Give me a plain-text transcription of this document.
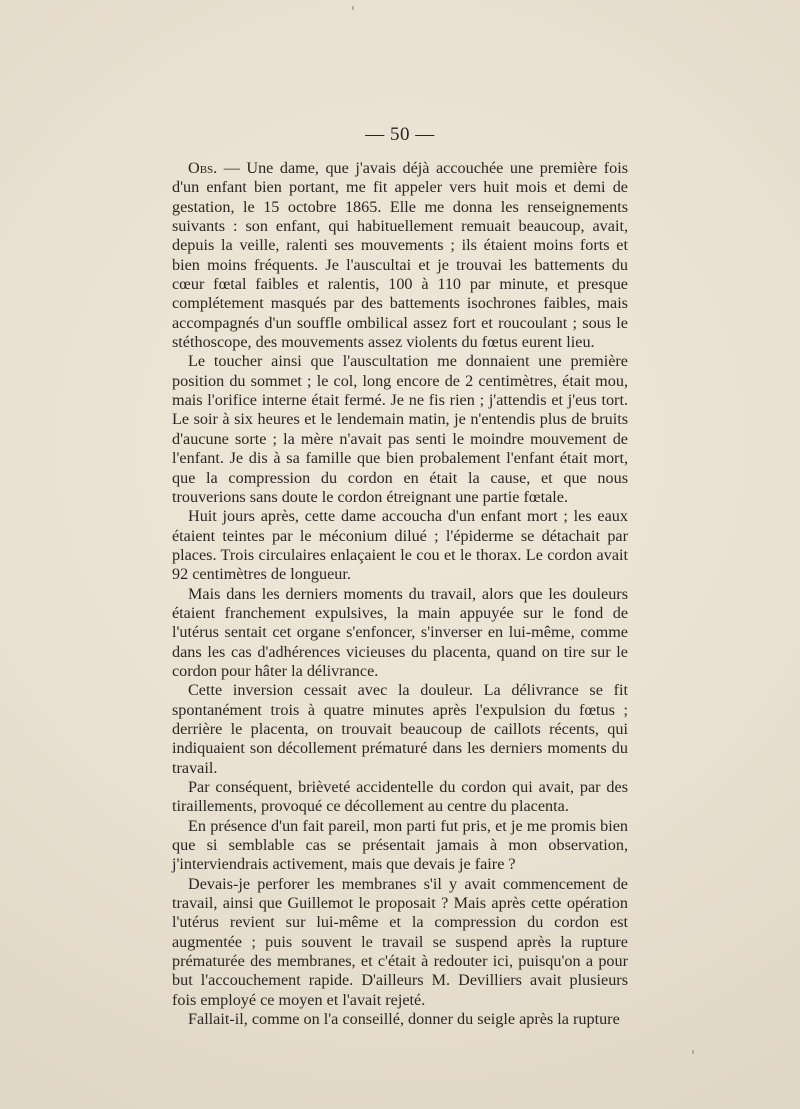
— 50 —

Obs. — Une dame, que j'avais déjà accouchée une première fois d'un enfant bien portant, me fit appeler vers huit mois et demi de gestation, le 15 octobre 1865. Elle me donna les renseignements suivants : son enfant, qui habituellement remuait beaucoup, avait, depuis la veille, ralenti ses mouvements ; ils étaient moins forts et bien moins fréquents. Je l'auscultai et je trouvai les battements du cœur fœtal faibles et ralentis, 100 à 110 par minute, et presque complétement masqués par des battements isochrones faibles, mais accompagnés d'un souffle ombilical assez fort et roucoulant ; sous le stéthoscope, des mouvements assez violents du fœtus eurent lieu.

Le toucher ainsi que l'auscultation me donnaient une première position du sommet ; le col, long encore de 2 centimètres, était mou, mais l'orifice interne était fermé. Je ne fis rien ; j'attendis et j'eus tort. Le soir à six heures et le lendemain matin, je n'entendis plus de bruits d'aucune sorte ; la mère n'avait pas senti le moindre mouvement de l'enfant. Je dis à sa famille que bien probalement l'enfant était mort, que la compression du cordon en était la cause, et que nous trouverions sans doute le cordon étreignant une partie fœtale.

Huit jours après, cette dame accoucha d'un enfant mort ; les eaux étaient teintes par le méconium dilué ; l'épiderme se détachait par places. Trois circulaires enlaçaient le cou et le thorax. Le cordon avait 92 centimètres de longueur.

Mais dans les derniers moments du travail, alors que les douleurs étaient franchement expulsives, la main appuyée sur le fond de l'utérus sentait cet organe s'enfoncer, s'inverser en lui-même, comme dans les cas d'adhérences vicieuses du placenta, quand on tire sur le cordon pour hâter la délivrance.

Cette inversion cessait avec la douleur. La délivrance se fit spontanément trois à quatre minutes après l'expulsion du fœtus ; derrière le placenta, on trouvait beaucoup de caillots récents, qui indiquaient son décollement prématuré dans les derniers moments du travail.

Par conséquent, brièveté accidentelle du cordon qui avait, par des tiraillements, provoqué ce décollement au centre du placenta.

En présence d'un fait pareil, mon parti fut pris, et je me promis bien que si semblable cas se présentait jamais à mon observation, j'interviendrais activement, mais que devais je faire ?

Devais-je perforer les membranes s'il y avait commencement de travail, ainsi que Guillemot le proposait ? Mais après cette opération l'utérus revient sur lui-même et la compression du cordon est augmentée ; puis souvent le travail se suspend après la rupture prématurée des membranes, et c'était à redouter ici, puisqu'on a pour but l'accouchement rapide. D'ailleurs M. Devilliers avait plusieurs fois employé ce moyen et l'avait rejeté.

Fallait-il, comme on l'a conseillé, donner du seigle après la rupture
